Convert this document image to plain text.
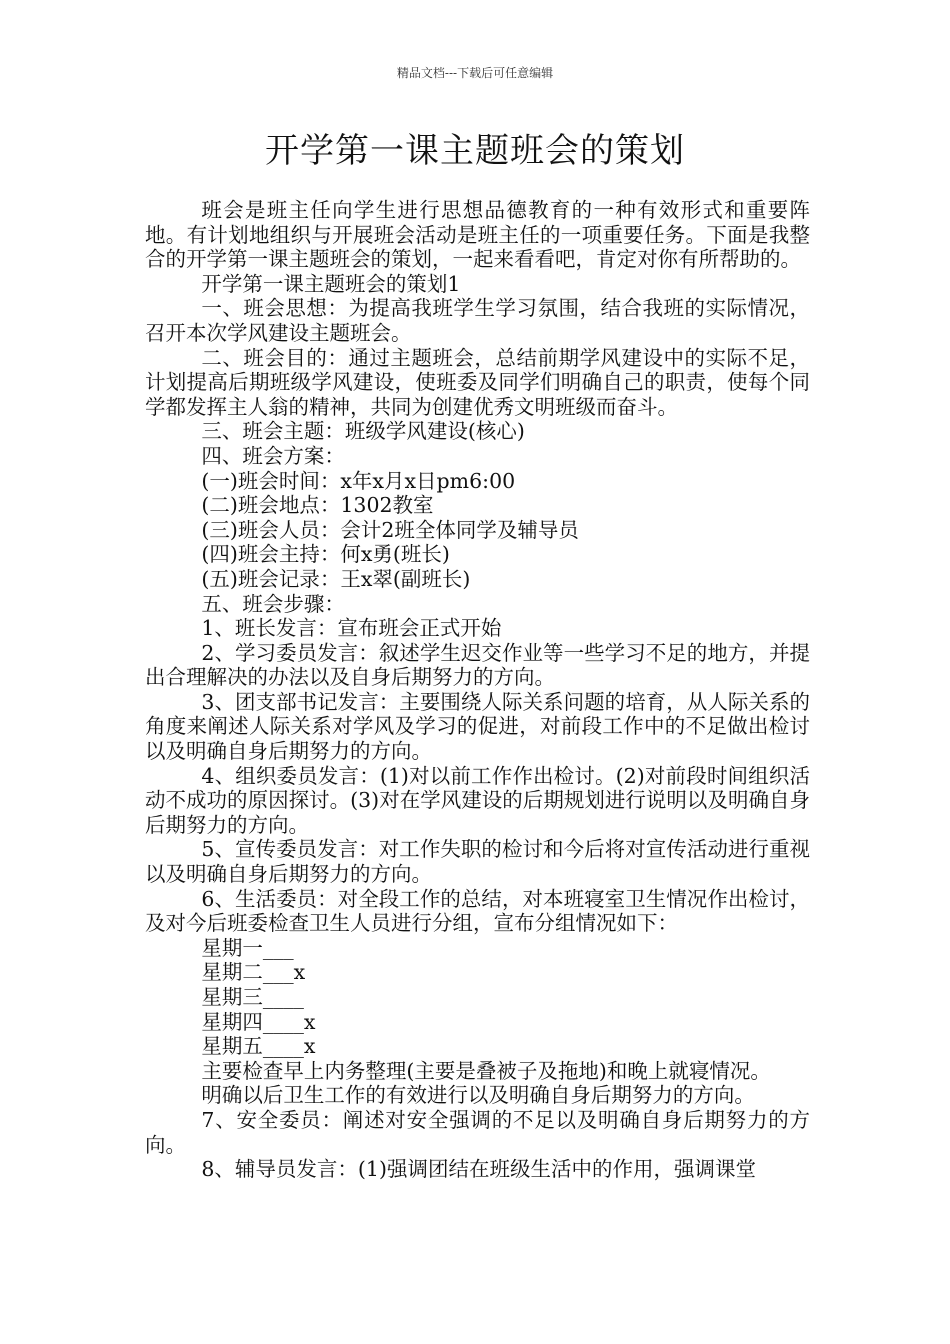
精品文档---下载后可任意编辑
开学第一课主题班会的策划

班会是班主任向学生进行思想品德教育的一种有效形式和重要阵地。有计划地组织与开展班会活动是班主任的一项重要任务。下面是我整合的开学第一课主题班会的策划，一起来看看吧，肯定对你有所帮助的。

开学第一课主题班会的策划1

一、班会思想：为提高我班学生学习氛围，结合我班的实际情况，召开本次学风建设主题班会。

二、班会目的：通过主题班会，总结前期学风建设中的实际不足，计划提高后期班级学风建设，使班委及同学们明确自己的职责，使每个同学都发挥主人翁的精神，共同为创建优秀文明班级而奋斗。

三、班会主题：班级学风建设(核心)

四、班会方案：

(一)班会时间：x年x月x日pm6:00

(二)班会地点：1302教室

(三)班会人员：会计2班全体同学及辅导员

(四)班会主持：何x勇(班长)

(五)班会记录：王x翠(副班长)

五、班会步骤：

1、班长发言：宣布班会正式开始

2、学习委员发言：叙述学生迟交作业等一些学习不足的地方，并提出合理解决的办法以及自身后期努力的方向。

3、团支部书记发言：主要围绕人际关系问题的培育，从人际关系的角度来阐述人际关系对学风及学习的促进，对前段工作中的不足做出检讨以及明确自身后期努力的方向。

4、组织委员发言：(1)对以前工作作出检讨。(2)对前段时间组织活动不成功的原因探讨。(3)对在学风建设的后期规划进行说明以及明确自身后期努力的方向。

5、宣传委员发言：对工作失职的检讨和今后将对宣传活动进行重视以及明确自身后期努力的方向。

6、生活委员：对全段工作的总结，对本班寝室卫生情况作出检讨，及对今后班委检查卫生人员进行分组，宣布分组情况如下：

星期一___

星期二___x

星期三____

星期四____x

星期五____x

主要检查早上内务整理(主要是叠被子及拖地)和晚上就寝情况。

明确以后卫生工作的有效进行以及明确自身后期努力的方向。

7、安全委员：阐述对安全强调的不足以及明确自身后期努力的方向。

8、辅导员发言：(1)强调团结在班级生活中的作用，强调课堂
